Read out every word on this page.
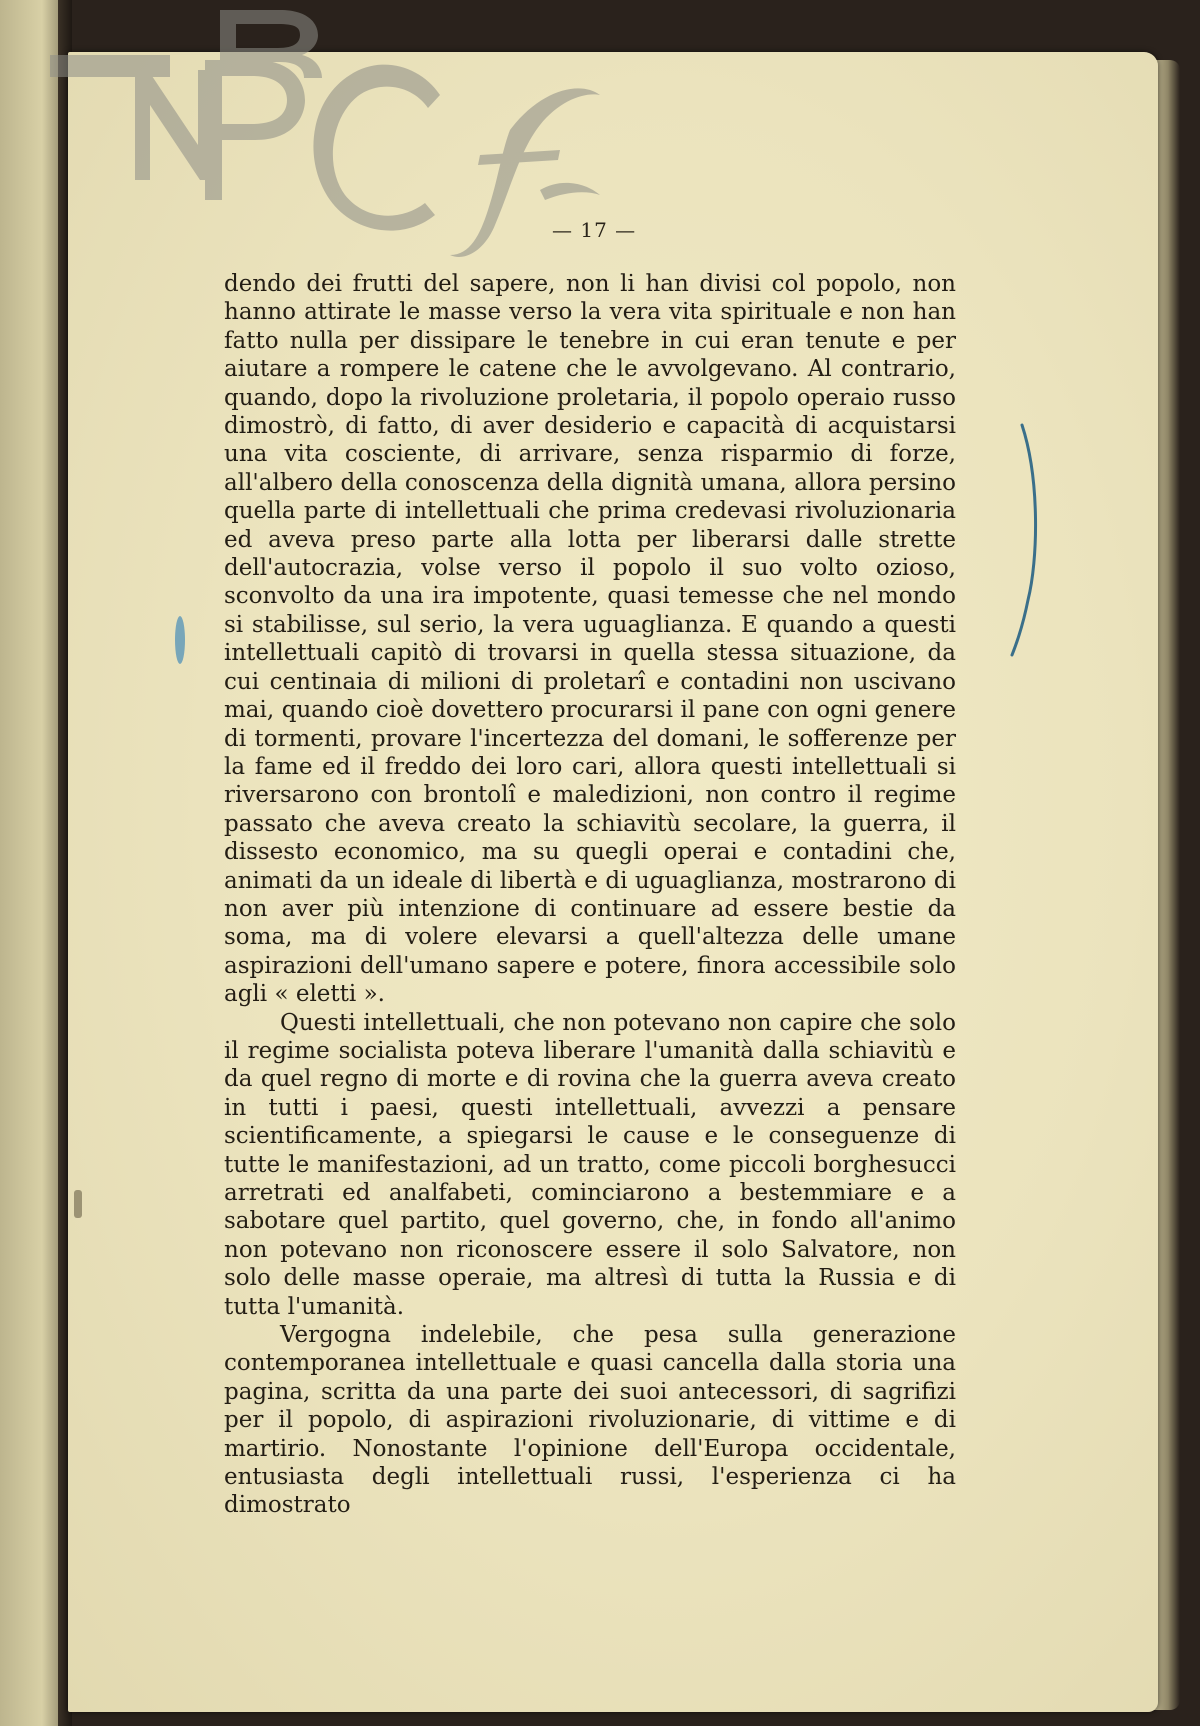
— 17 —

dendo dei frutti del sapere, non li han divisi col popolo, non hanno attirate le masse verso la vera vita spirituale e non han fatto nulla per dissipare le tenebre in cui eran tenute e per aiutare a rompere le catene che le avvolgevano. Al contrario, quando, dopo la rivoluzione proletaria, il popolo operaio russo dimostrò, di fatto, di aver desiderio e capacità di acquistarsi una vita cosciente, di arrivare, senza risparmio di forze, all'albero della conoscenza della dignità umana, allora persino quella parte di intellettuali che prima credevasi rivoluzionaria ed aveva preso parte alla lotta per liberarsi dalle strette dell'autocrazia, volse verso il popolo il suo volto ozioso, sconvolto da una ira impotente, quasi temesse che nel mondo si stabilisse, sul serio, la vera uguaglianza. E quando a questi intellettuali capitò di trovarsi in quella stessa situazione, da cui centinaia di milioni di proletarî e contadini non uscivano mai, quando cioè dovettero procurarsi il pane con ogni genere di tormenti, provare l'incertezza del domani, le sofferenze per la fame ed il freddo dei loro cari, allora questi intellettuali si riversarono con brontolî e maledizioni, non contro il regime passato che aveva creato la schiavitù secolare, la guerra, il dissesto economico, ma su quegli operai e contadini che, animati da un ideale di libertà e di uguaglianza, mostrarono di non aver più intenzione di continuare ad essere bestie da soma, ma di volere elevarsi a quell'altezza delle umane aspirazioni dell'umano sapere e potere, finora accessibile solo agli « eletti ».

Questi intellettuali, che non potevano non capire che solo il regime socialista poteva liberare l'umanità dalla schiavitù e da quel regno di morte e di rovina che la guerra aveva creato in tutti i paesi, questi intellettuali, avvezzi a pensare scientificamente, a spiegarsi le cause e le conseguenze di tutte le manifestazioni, ad un tratto, come piccoli borghesucci arretrati ed analfabeti, cominciarono a bestemmiare e a sabotare quel partito, quel governo, che, in fondo all'animo non potevano non riconoscere essere il solo Salvatore, non solo delle masse operaie, ma altresì di tutta la Russia e di tutta l'umanità.

Vergogna indelebile, che pesa sulla generazione contemporanea intellettuale e quasi cancella dalla storia una pagina, scritta da una parte dei suoi antecessori, di sagrifizi per il popolo, di aspirazioni rivoluzionarie, di vittime e di martirio. Nonostante l'opinione dell'Europa occidentale, entusiasta degli intellettuali russi, l'esperienza ci ha dimostrato
